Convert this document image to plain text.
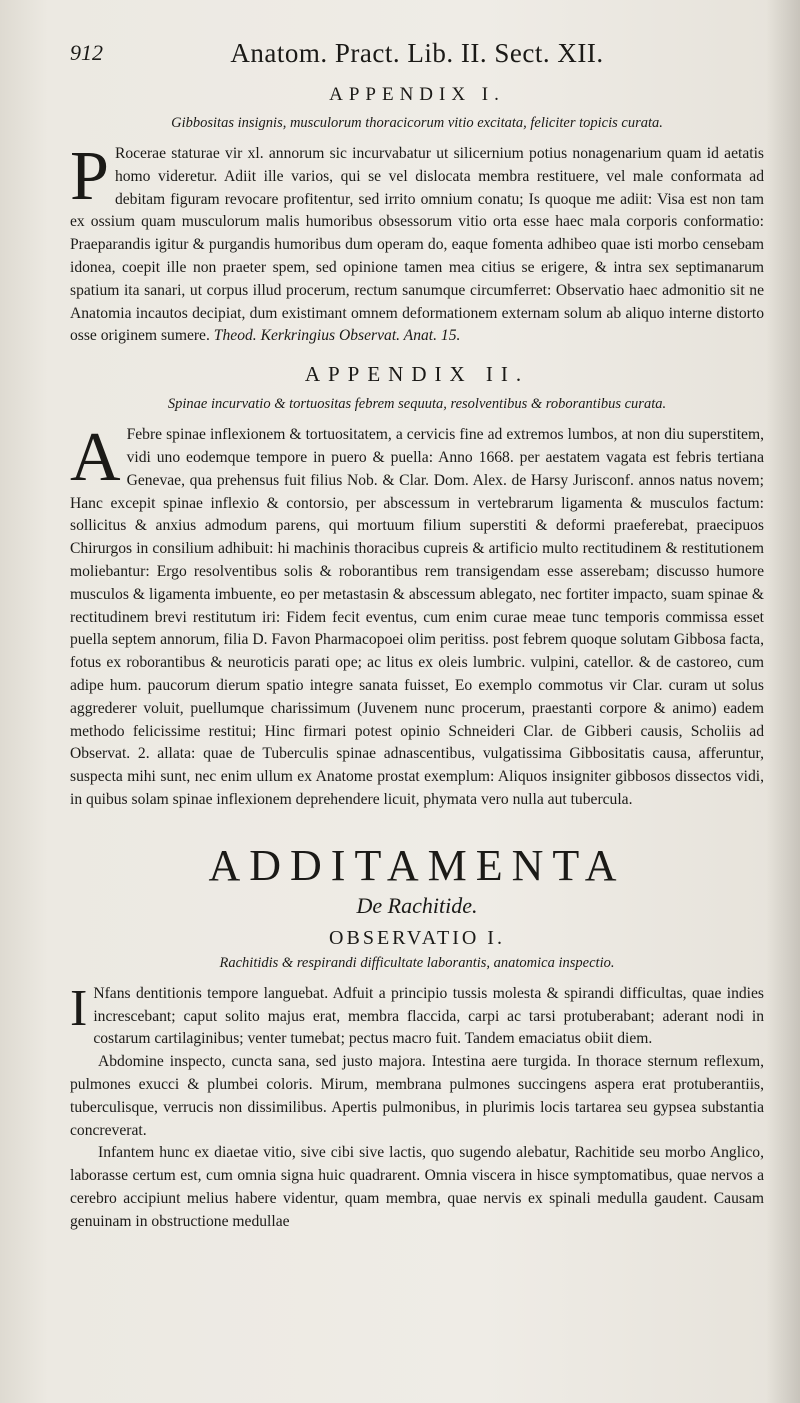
912	Anatom. Pract. Lib. II. Sect. XII.
APPENDIX I.
Gibbositas insignis, musculorum thoracicorum vitio excitata, feliciter topicis curata.

P Rocerae staturae vir xl. annorum sic incurvabatur ut silicernium potius nonagenarium quam id aetatis homo videretur. Adiit ille varios, qui se vel dislocata membra restituere, vel male conformata ad debitam figuram revocare profitentur, sed irrito omnium conatu; Is quoque me adiit: Visa est non tam ex ossium quam musculorum malis humoribus obsessorum vitio orta esse haec mala corporis conformatio: Praeparandis igitur & purgandis humoribus dum operam do, eaque fomenta adhibeo quae isti morbo censebam idonea, coepit ille non praeter spem, sed opinione tamen mea citius se erigere, & intra sex septimanarum spatium ita sanari, ut corpus illud procerum, rectum sanumque circumferret: Observatio haec admonitio sit ne Anatomia incautos decipiat, dum existimant omnem deformationem externam solum ab aliquo interne distorto osse originem sumere. Theod. Kerkringius Observat. Anat. 15.

APPENDIX II.
Spinae incurvatio & tortuositas febrem sequuta, resolventibus & roborantibus curata.

A Febre spinae inflexionem & tortuositatem, a cervicis fine ad extremos lumbos, at non diu superstitem, vidi uno eodemque tempore in puero & puella: Anno 1668. per aestatem vagata est febris tertiana Genevae, qua prehensus fuit filius Nob. & Clar. Dom. Alex. de Harsy Jurisconf. annos natus novem; Hanc excepit spinae inflexio & contorsio, per abscessum in vertebrarum ligamenta & musculos factum: sollicitus & anxius admodum parens, qui mortuum filium superstiti & deformi praeferebat, praecipuos Chirurgos in consilium adhibuit: hi machinis thoracibus cupreis & artificio multo rectitudinem & restitutionem moliebantur: Ergo resolventibus solis & roborantibus rem transigendam esse asserebam; discusso humore musculos & ligamenta imbuente, eo per metastasin & abscessum ablegato, nec fortiter impacto, suam spinae & rectitudinem brevi restitutum iri: Fidem fecit eventus, cum enim curae meae tunc temporis commissa esset puella septem annorum, filia D. Favon Pharmacopoei olim peritiss. post febrem quoque solutam Gibbosa facta, fotus ex roborantibus & neuroticis parati ope; ac litus ex oleis lumbric. vulpini, catellor. & de castoreo, cum adipe hum. paucorum dierum spatio integre sanata fuisset, Eo exemplo commotus vir Clar. curam ut solus aggrederer voluit, puellumque charissimum (Juvenem nunc procerum, praestanti corpore & animo) eadem methodo felicissime restitui; Hinc firmari potest opinio Schneideri Clar. de Gibberi causis, Scholiis ad Observat. 2. allata: quae de Tuberculis spinae adnascentibus, vulgatissima Gibbositatis causa, afferuntur, suspecta mihi sunt, nec enim ullum ex Anatome prostat exemplum: Aliquos insigniter gibbosos dissectos vidi, in quibus solam spinae inflexionem deprehendere licuit, phymata vero nulla aut tubercula.

ADDITAMENTA
De Rachitide.
OBSERVATIO I.
Rachitidis & respirandi difficultate laborantis, anatomica inspectio.

I Nfans dentitionis tempore languebat. Adfuit a principio tussis molesta & spirandi difficultas, quae indies increscebant; caput solito majus erat, membra flaccida, carpi ac tarsi protuberabant; aderant nodi in costarum cartilaginibus; venter tumebat; pectus macro fuit. Tandem emaciatus obiit diem.

Abdomine inspecto, cuncta sana, sed justo majora. Intestina aere turgida. In thorace sternum reflexum, pulmones exucci & plumbei coloris. Mirum, membrana pulmones succingens aspera erat protuberantiis, tuberculisque, verrucis non dissimilibus. Apertis pulmonibus, in plurimis locis tartarea seu gypsea substantia concreverat.

Infantem hunc ex diaetae vitio, sive cibi sive lactis, quo sugendo alebatur, Rachitide seu morbo Anglico, laborasse certum est, cum omnia signa huic quadrarent. Omnia viscera in hisce symptomatibus, quae nervos a cerebro accipiunt melius habere videntur, quam membra, quae nervis ex spinali medulla gaudent. Causam genuinam in obstructione medullae
